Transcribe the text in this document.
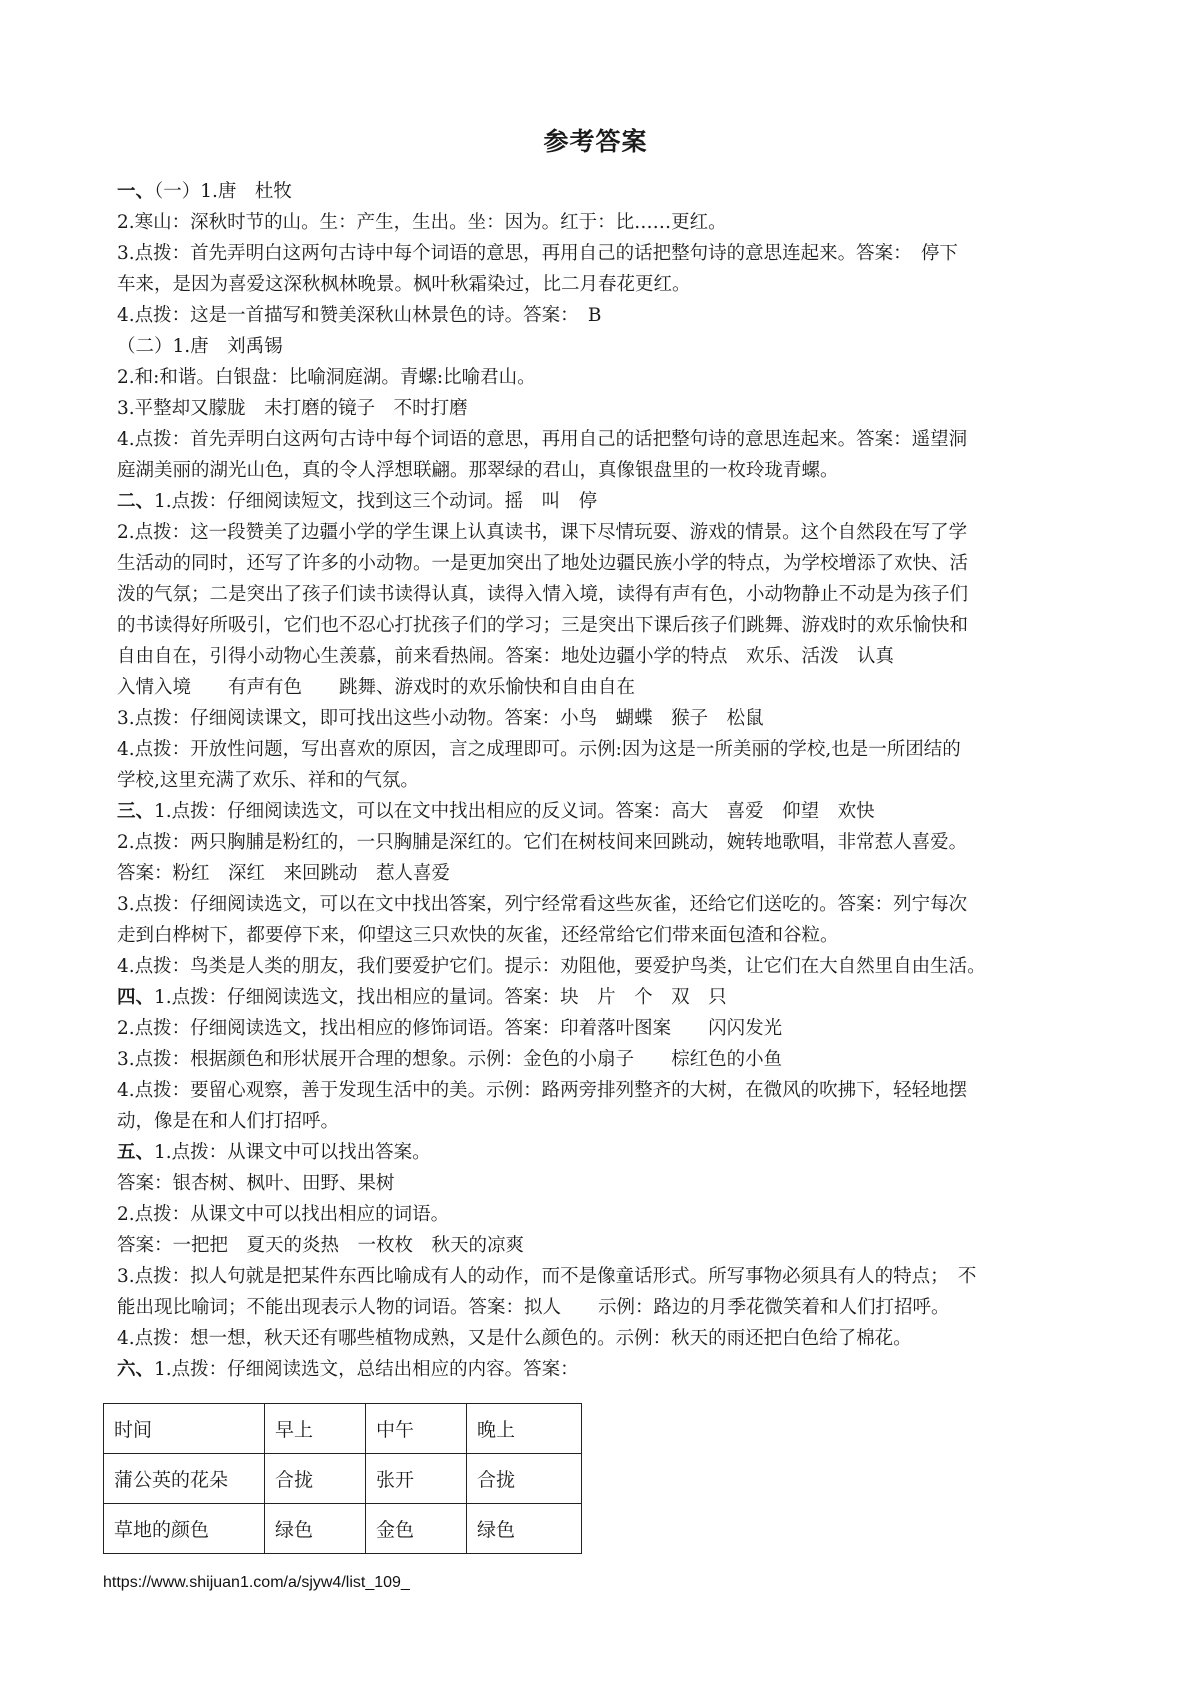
参考答案
一、（一）1.唐　杜牧
2.寒山：深秋时节的山。生：产生，生出。坐：因为。红于：比……更红。
3.点拨：首先弄明白这两句古诗中每个词语的意思，再用自己的话把整句诗的意思连起来。答案：　停下
车来，是因为喜爱这深秋枫林晚景。枫叶秋霜染过，比二月春花更红。
4.点拨：这是一首描写和赞美深秋山林景色的诗。答案：　B
（二）1.唐　刘禹锡
2.和:和谐。白银盘：比喻洞庭湖。青螺:比喻君山。
3.平整却又朦胧　未打磨的镜子　不时打磨
4.点拨：首先弄明白这两句古诗中每个词语的意思，再用自己的话把整句诗的意思连起来。答案：遥望洞
庭湖美丽的湖光山色，真的令人浮想联翩。那翠绿的君山，真像银盘里的一枚玲珑青螺。
二、1.点拨：仔细阅读短文，找到这三个动词。摇　叫　停
2.点拨：这一段赞美了边疆小学的学生课上认真读书，课下尽情玩耍、游戏的情景。这个自然段在写了学
生活动的同时，还写了许多的小动物。一是更加突出了地处边疆民族小学的特点，为学校增添了欢快、活
泼的气氛；二是突出了孩子们读书读得认真，读得入情入境，读得有声有色，小动物静止不动是为孩子们
的书读得好所吸引，它们也不忍心打扰孩子们的学习；三是突出下课后孩子们跳舞、游戏时的欢乐愉快和
自由自在，引得小动物心生羡慕，前来看热闹。答案：地处边疆小学的特点　欢乐、活泼　认真
入情入境　　有声有色　　跳舞、游戏时的欢乐愉快和自由自在
3.点拨：仔细阅读课文，即可找出这些小动物。答案：小鸟　蝴蝶　猴子　松鼠
4.点拨：开放性问题，写出喜欢的原因，言之成理即可。示例:因为这是一所美丽的学校,也是一所团结的
学校,这里充满了欢乐、祥和的气氛。
三、1.点拨：仔细阅读选文，可以在文中找出相应的反义词。答案：高大　喜爱　仰望　欢快
2.点拨：两只胸脯是粉红的，一只胸脯是深红的。它们在树枝间来回跳动，婉转地歌唱，非常惹人喜爱。
答案：粉红　深红　来回跳动　惹人喜爱
3.点拨：仔细阅读选文，可以在文中找出答案，列宁经常看这些灰雀，还给它们送吃的。答案：列宁每次
走到白桦树下，都要停下来，仰望这三只欢快的灰雀，还经常给它们带来面包渣和谷粒。
4.点拨：鸟类是人类的朋友，我们要爱护它们。提示：劝阻他，要爱护鸟类，让它们在大自然里自由生活。
四、1.点拨：仔细阅读选文，找出相应的量词。答案：块　片　个　双　只
2.点拨：仔细阅读选文，找出相应的修饰词语。答案：印着落叶图案　　闪闪发光
3.点拨：根据颜色和形状展开合理的想象。示例：金色的小扇子　　棕红色的小鱼
4.点拨：要留心观察，善于发现生活中的美。示例：路两旁排列整齐的大树，在微风的吹拂下，轻轻地摆
动，像是在和人们打招呼。
五、1.点拨：从课文中可以找出答案。
答案：银杏树、枫叶、田野、果树
2.点拨：从课文中可以找出相应的词语。
答案：一把把　夏天的炎热　一枚枚　秋天的凉爽
3.点拨：拟人句就是把某件东西比喻成有人的动作，而不是像童话形式。所写事物必须具有人的特点；　不
能出现比喻词；不能出现表示人物的词语。答案：拟人　　示例：路边的月季花微笑着和人们打招呼。
4.点拨：想一想，秋天还有哪些植物成熟，又是什么颜色的。示例：秋天的雨还把白色给了棉花。
六、1.点拨：仔细阅读选文，总结出相应的内容。答案：
时间	早上	中午	晚上
蒲公英的花朵	合拢	张开	合拢
草地的颜色	绿色	金色	绿色
https://www.shijuan1.com/a/sjyw4/list_109_
